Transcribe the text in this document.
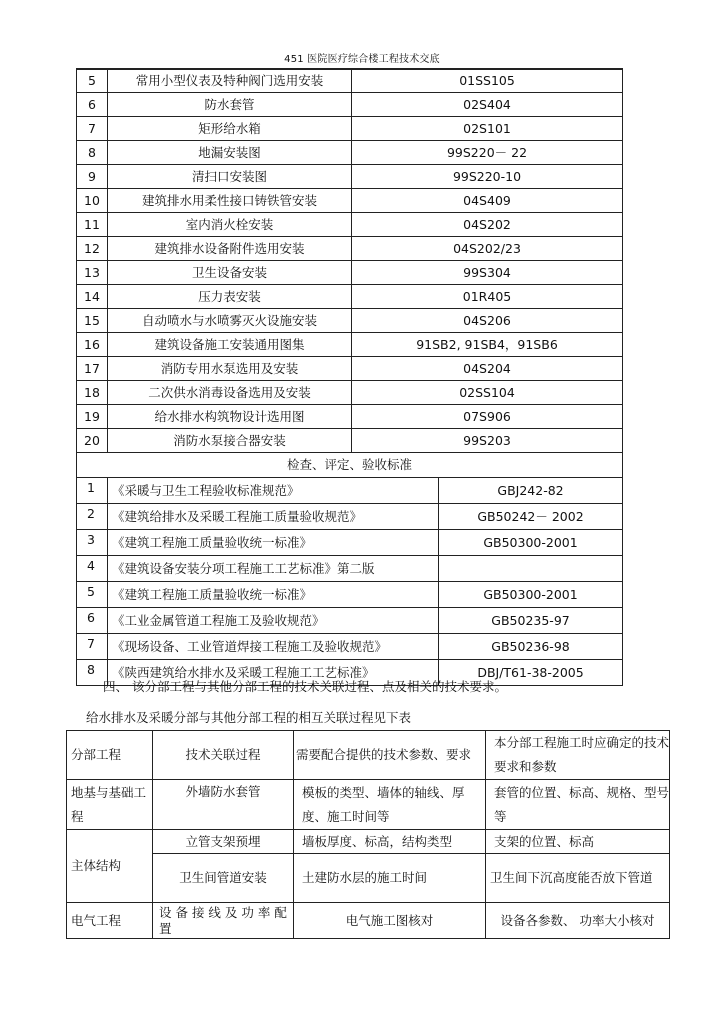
451 医院医疗综合楼工程技术交底
5	常用小型仪表及特种阀门选用安装	01SS105	
6	防水套管	02S404	
7	矩形给水箱	02S101	
8	地漏安装图	99S220－ 22	
9	清扫口安装图	99S220-10	
10	建筑排水用柔性接口铸铁管安装	04S409	
11	室内消火栓安装	04S202	
12	建筑排水设备附件选用安装	04S202/23	
13	卫生设备安装	99S304	
14	压力表安装	01R405	
15	自动喷水与水喷雾灭火设施安装	04S206	
16	建筑设备施工安装通用图集	91SB2, 91SB4，91SB6	
17	消防专用水泵选用及安装	04S204	
18	二次供水消毒设备选用及安装	02SS104	
19	给水排水构筑物设计选用图	07S906	
20	消防水泵接合器安装	99S203	
检查、评定、验收标准			
1	《采暖与卫生工程验收标准规范》		GBJ242-82
2	《建筑给排水及采暖工程施工质量验收规范》		GB50242－ 2002
3	《建筑工程施工质量验收统一标准》		GB50300-2001
4	《建筑设备安装分项工程施工工艺标准》第二版		
5	《建筑工程施工质量验收统一标准》		GB50300-2001
6	《工业金属管道工程施工及验收规范》		GB50235-97
7	《现场设备、工业管道焊接工程施工及验收规范》		GB50236-98
8	《陕西建筑给水排水及采暖工程施工工艺标准》		DBJ/T61-38-2005
四、 该分部工程与其他分部工程的技术关联过程、点及相关的技术要求。
给水排水及采暖分部与其他分部工程的相互关联过程见下表
分部工程	技术关联过程	需要配合提供的技术参数、要求	本分部工程施工时应确定的技术要求和参数
地基与基础工程	外墙防水套管	模板的类型、墙体的轴线、厚度、施工时间等	套管的位置、标高、规格、型号等
主体结构	立管支架预埋	墙板厚度、标高，结构类型	支架的位置、标高
	卫生间管道安装	土建防水层的施工时间	卫生间下沉高度能否放下管道
电气工程	设 备 接 线 及 功 率 配 置	电气施工图核对	设备各参数、 功率大小核对
